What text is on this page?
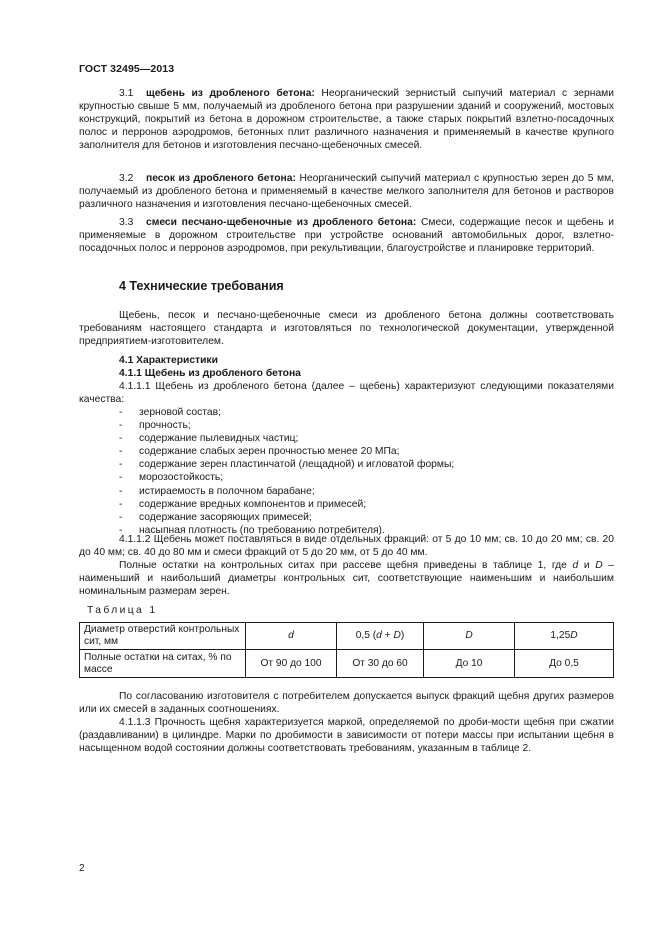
ГОСТ 32495—2013
3.1 щебень из дробленого бетона: Неорганический зернистый сыпучий материал с зернами крупностью свыше 5 мм, получаемый из дробленого бетона при разрушении зданий и сооружений, мостовых конструкций, покрытий из бетона в дорожном строительстве, а также старых покрытий взлетно-посадочных полос и перронов аэродромов, бетонных плит различного назначения и применяемый в качестве крупного заполнителя для бетонов и изготовления песчано-щебеночных смесей.
3.2 песок из дробленого бетона: Неорганический сыпучий материал с крупностью зерен до 5 мм, получаемый из дробленого бетона и применяемый в качестве мелкого заполнителя для бетонов и растворов различного назначения и изготовления песчано-щебеночных смесей.
3.3 смеси песчано-щебеночные из дробленого бетона: Смеси, содержащие песок и щебень и применяемые в дорожном строительстве при устройстве оснований автомобильных дорог, взлетно-посадочных полос и перронов аэродромов, при рекультивации, благоустройстве и планировке территорий.
4 Технические требования
Щебень, песок и песчано-щебеночные смеси из дробленого бетона должны соответствовать требованиям настоящего стандарта и изготовляться по технологической документации, утвержденной предприятием-изготовителем.
4.1 Характеристики
4.1.1 Щебень из дробленого бетона
4.1.1.1 Щебень из дробленого бетона (далее – щебень) характеризуют следующими показателями качества:
- зерновой состав;
- прочность;
- содержание пылевидных частиц;
- содержание слабых зерен прочностью менее 20 МПа;
- содержание зерен пластинчатой (лещадной) и игловатой формы;
- морозостойкость;
- истираемость в полочном барабане;
- содержание вредных компонентов и примесей;
- содержание засоряющих примесей;
- насыпная плотность (по требованию потребителя).
4.1.1.2 Щебень может поставляться в виде отдельных фракций: от 5 до 10 мм; св. 10 до 20 мм; св. 20 до 40 мм; св. 40 до 80 мм и смеси фракций от 5 до 20 мм, от 5 до 40 мм.
Полные остатки на контрольных ситах при рассеве щебня приведены в таблице 1, где d и D – наименьший и наибольший диаметры контрольных сит, соответствующие наименьшим и наибольшим номинальным размерам зерен.
Таблица 1
Диаметр отверстий контрольных сит, мм	d	0,5 (d + D)	D	1,25D
Полные остатки на ситах, % по массе	От 90 до 100	От 30 до 60	До 10	До 0,5
По согласованию изготовителя с потребителем допускается выпуск фракций щебня других размеров или их смесей в заданных соотношениях.
4.1.1.3 Прочность щебня характеризуется маркой, определяемой по дроби-мости щебня при сжатии (раздавливании) в цилиндре. Марки по дробимости в зависимости от потери массы при испытании щебня в насыщенном водой состоянии должны соответствовать требованиям, указанным в таблице 2.
2
